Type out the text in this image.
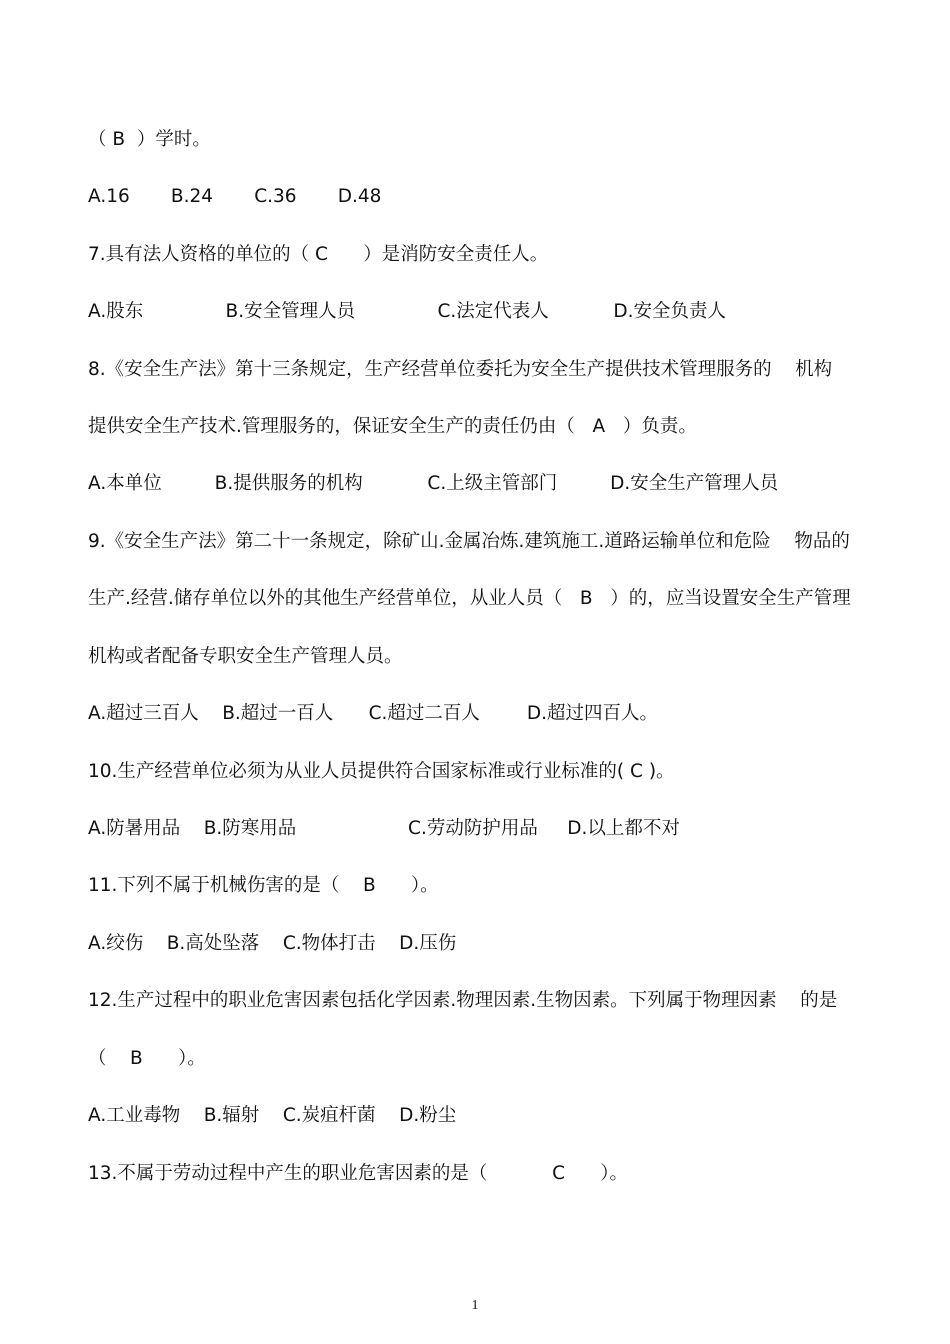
（ B  ）学时。
A.16       B.24       C.36       D.48
7.具有法人资格的单位的（ C      ）是消防安全责任人。
A.股东              B.安全管理人员              C.法定代表人           D.安全负责人
8.《安全生产法》第十三条规定，生产经营单位委托为安全生产提供技术管理服务的    机构
提供安全生产技术.管理服务的，保证安全生产的责任仍由（   A   ）负责。
A.本单位         B.提供服务的机构           C.上级主管部门         D.安全生产管理人员
9.《安全生产法》第二十一条规定，除矿山.金属冶炼.建筑施工.道路运输单位和危险    物品的
生产.经营.储存单位以外的其他生产经营单位，从业人员（   B   ）的，应当设置安全生产管理
机构或者配备专职安全生产管理人员。
A.超过三百人    B.超过一百人      C.超过二百人        D.超过四百人。
10.生产经营单位必须为从业人员提供符合国家标准或行业标准的( C )。
A.防暑用品    B.防寒用品                   C.劳动防护用品     D.以上都不对
11.下列不属于机械伤害的是（    B      ）。
A.绞伤    B.高处坠落    C.物体打击    D.压伤
12.生产过程中的职业危害因素包括化学因素.物理因素.生物因素。下列属于物理因素    的是
（    B      ）。
A.工业毒物    B.辐射    C.炭疽杆菌    D.粉尘
13.不属于劳动过程中产生的职业危害因素的是（           C      ）。
1
